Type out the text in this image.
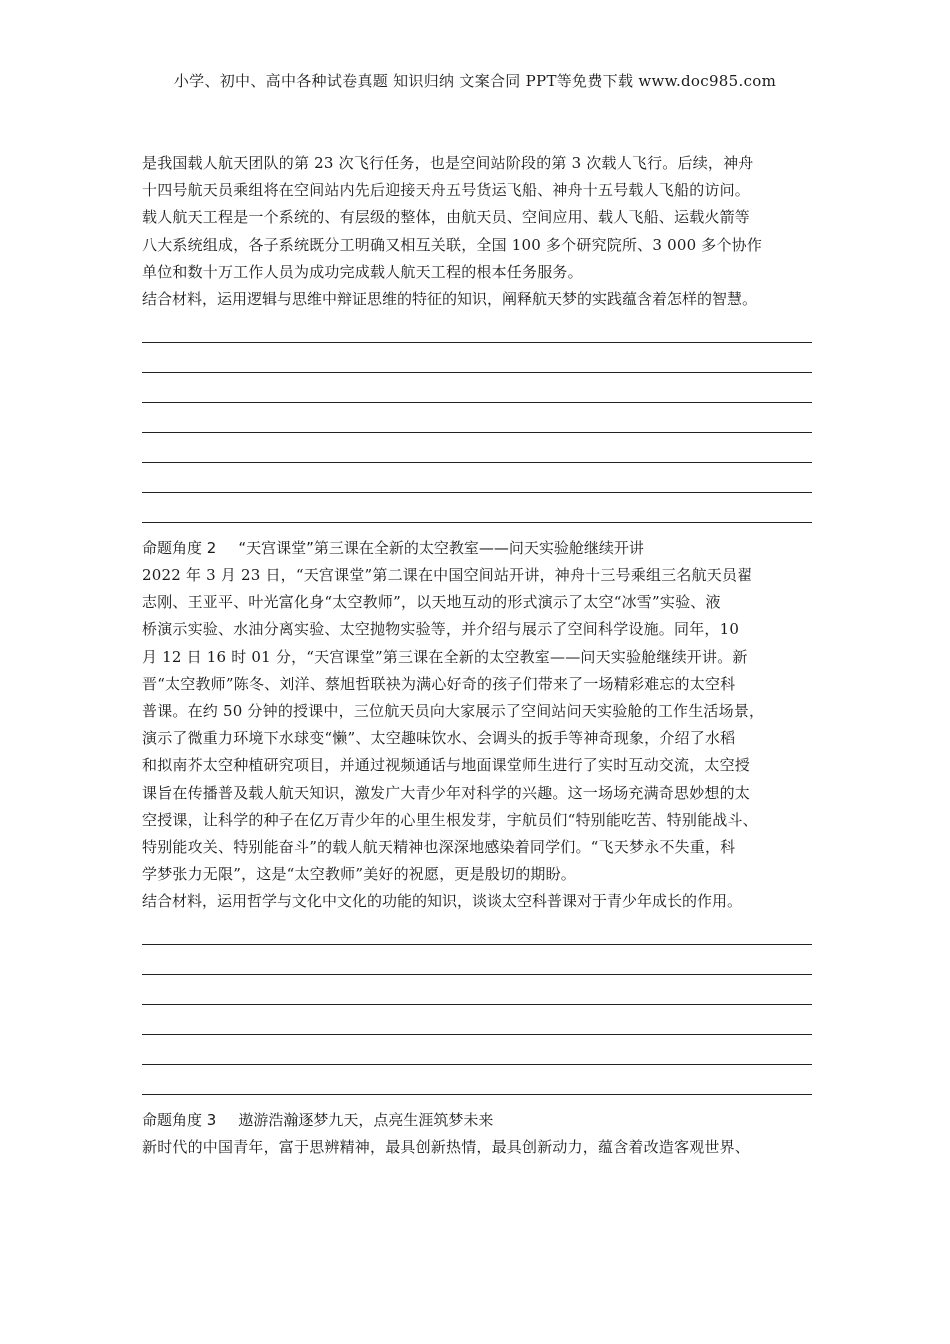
小学、初中、高中各种试卷真题 知识归纳 文案合同 PPT等免费下载 www.doc985.com

是我国载人航天团队的第 23 次飞行任务，也是空间站阶段的第 3 次载人飞行。后续，神舟

十四号航天员乘组将在空间站内先后迎接天舟五号货运飞船、神舟十五号载人飞船的访问。

载人航天工程是一个系统的、有层级的整体，由航天员、空间应用、载人飞船、运载火箭等

八大系统组成，各子系统既分工明确又相互关联，全国 100 多个研究院所、3 000 多个协作

单位和数十万工作人员为成功完成载人航天工程的根本任务服务。

结合材料，运用逻辑与思维中辩证思维的特征的知识，阐释航天梦的实践蕴含着怎样的智慧。

命题角度 2 “天宫课堂”第三课在全新的太空教室——问天实验舱继续开讲

2022 年 3 月 23 日，“天宫课堂”第二课在中国空间站开讲，神舟十三号乘组三名航天员翟

志刚、王亚平、叶光富化身“太空教师”，以天地互动的形式演示了太空“冰雪”实验、液

桥演示实验、水油分离实验、太空抛物实验等，并介绍与展示了空间科学设施。同年，10

月 12 日 16 时 01 分，“天宫课堂”第三课在全新的太空教室——问天实验舱继续开讲。新

晋“太空教师”陈冬、刘洋、蔡旭哲联袂为满心好奇的孩子们带来了一场精彩难忘的太空科

普课。在约 50 分钟的授课中，三位航天员向大家展示了空间站问天实验舱的工作生活场景，

演示了微重力环境下水球变“懒”、太空趣味饮水、会调头的扳手等神奇现象，介绍了水稻

和拟南芥太空种植研究项目，并通过视频通话与地面课堂师生进行了实时互动交流，太空授

课旨在传播普及载人航天知识，激发广大青少年对科学的兴趣。这一场场充满奇思妙想的太

空授课，让科学的种子在亿万青少年的心里生根发芽，宇航员们“特别能吃苦、特别能战斗、

特别能攻关、特别能奋斗”的载人航天精神也深深地感染着同学们。“飞天梦永不失重，科

学梦张力无限”，这是“太空教师”美好的祝愿，更是殷切的期盼。

结合材料，运用哲学与文化中文化的功能的知识，谈谈太空科普课对于青少年成长的作用。

命题角度 3 遨游浩瀚逐梦九天，点亮生涯筑梦未来

新时代的中国青年，富于思辨精神，最具创新热情，最具创新动力，蕴含着改造客观世界、
